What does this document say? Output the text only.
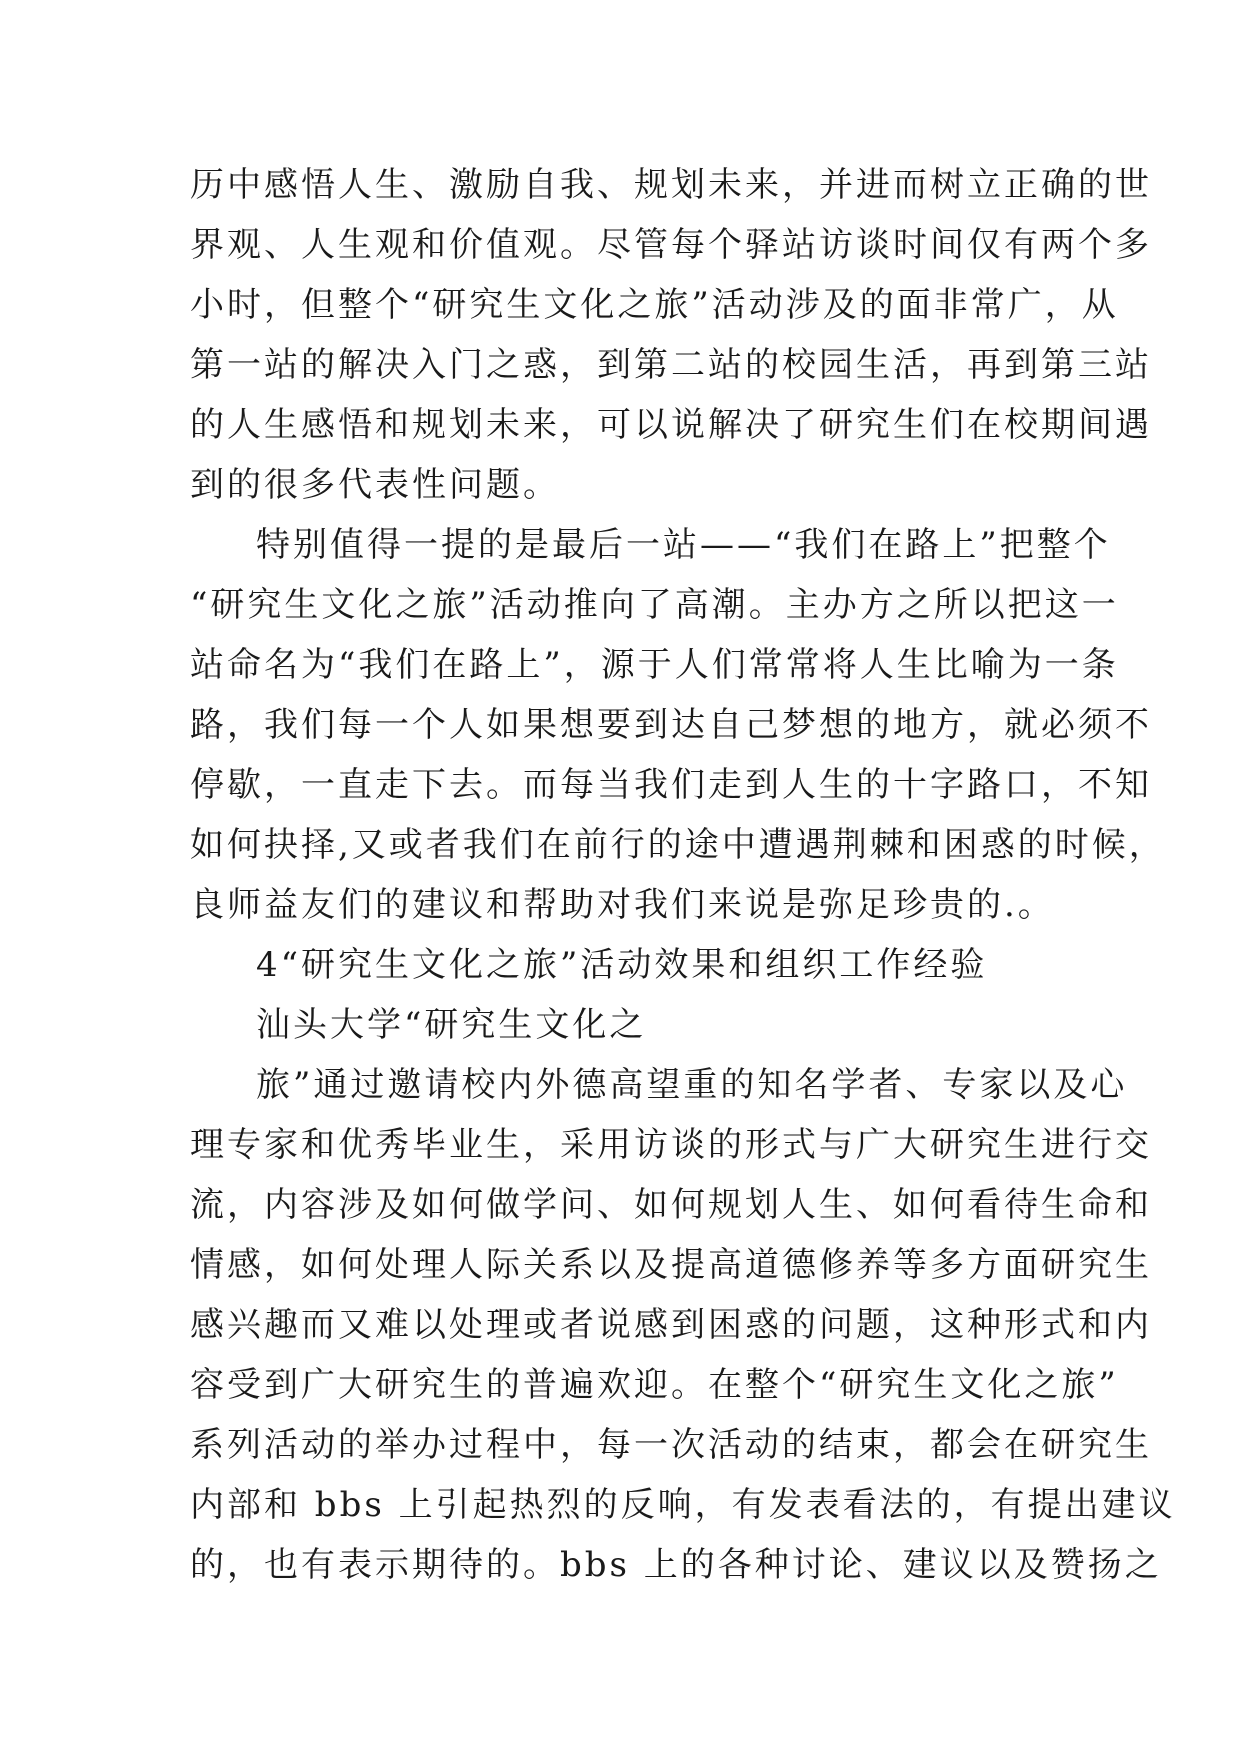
历中感悟人生、激励自我、规划未来，并进而树立正确的世
界观、人生观和价值观。尽管每个驿站访谈时间仅有两个多
小时，但整个“研究生文化之旅”活动涉及的面非常广，从
第一站的解决入门之惑，到第二站的校园生活，再到第三站
的人生感悟和规划未来，可以说解决了研究生们在校期间遇
到的很多代表性问题。
特别值得一提的是最后一站——“我们在路上”把整个
“研究生文化之旅”活动推向了高潮。主办方之所以把这一
站命名为“我们在路上”，源于人们常常将人生比喻为一条
路，我们每一个人如果想要到达自己梦想的地方，就必须不
停歇，一直走下去。而每当我们走到人生的十字路口，不知
如何抉择,又或者我们在前行的途中遭遇荆棘和困惑的时候，
良师益友们的建议和帮助对我们来说是弥足珍贵的.。
4“研究生文化之旅”活动效果和组织工作经验
汕头大学“研究生文化之
旅”通过邀请校内外德高望重的知名学者、专家以及心
理专家和优秀毕业生，采用访谈的形式与广大研究生进行交
流，内容涉及如何做学问、如何规划人生、如何看待生命和
情感，如何处理人际关系以及提高道德修养等多方面研究生
感兴趣而又难以处理或者说感到困惑的问题，这种形式和内
容受到广大研究生的普遍欢迎。在整个“研究生文化之旅”
系列活动的举办过程中，每一次活动的结束，都会在研究生
内部和 bbs 上引起热烈的反响，有发表看法的，有提出建议
的，也有表示期待的。bbs 上的各种讨论、建议以及赞扬之
